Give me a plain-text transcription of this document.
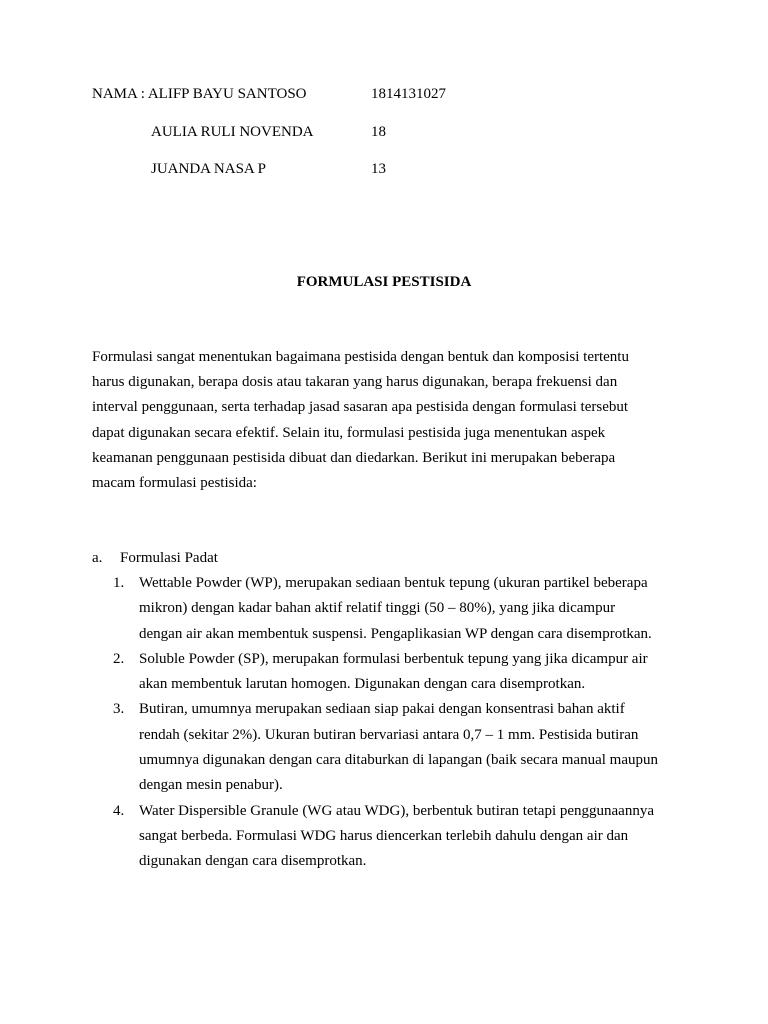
NAMA : ALIFP BAYU SANTOSO	1814131027
AULIA RULI NOVENDA	18
JUANDA NASA P	13
FORMULASI PESTISIDA
Formulasi sangat menentukan bagaimana pestisida dengan bentuk dan komposisi tertentu
harus digunakan, berapa dosis atau takaran yang harus digunakan, berapa frekuensi dan
interval penggunaan, serta terhadap jasad sasaran apa pestisida dengan formulasi tersebut
dapat digunakan secara efektif. Selain itu, formulasi pestisida juga menentukan aspek
keamanan penggunaan pestisida dibuat dan diedarkan. Berikut ini merupakan beberapa
macam formulasi pestisida:
a. Formulasi Padat
1. Wettable Powder (WP), merupakan sediaan bentuk tepung (ukuran partikel beberapa
mikron) dengan kadar bahan aktif relatif tinggi (50 – 80%), yang jika dicampur
dengan air akan membentuk suspensi. Pengaplikasian WP dengan cara disemprotkan.
2. Soluble Powder (SP), merupakan formulasi berbentuk tepung yang jika dicampur air
akan membentuk larutan homogen. Digunakan dengan cara disemprotkan.
3. Butiran, umumnya merupakan sediaan siap pakai dengan konsentrasi bahan aktif
rendah (sekitar 2%). Ukuran butiran bervariasi antara 0,7 – 1 mm. Pestisida butiran
umumnya digunakan dengan cara ditaburkan di lapangan (baik secara manual maupun
dengan mesin penabur).
4. Water Dispersible Granule (WG atau WDG), berbentuk butiran tetapi penggunaannya
sangat berbeda. Formulasi WDG harus diencerkan terlebih dahulu dengan air dan
digunakan dengan cara disemprotkan.
